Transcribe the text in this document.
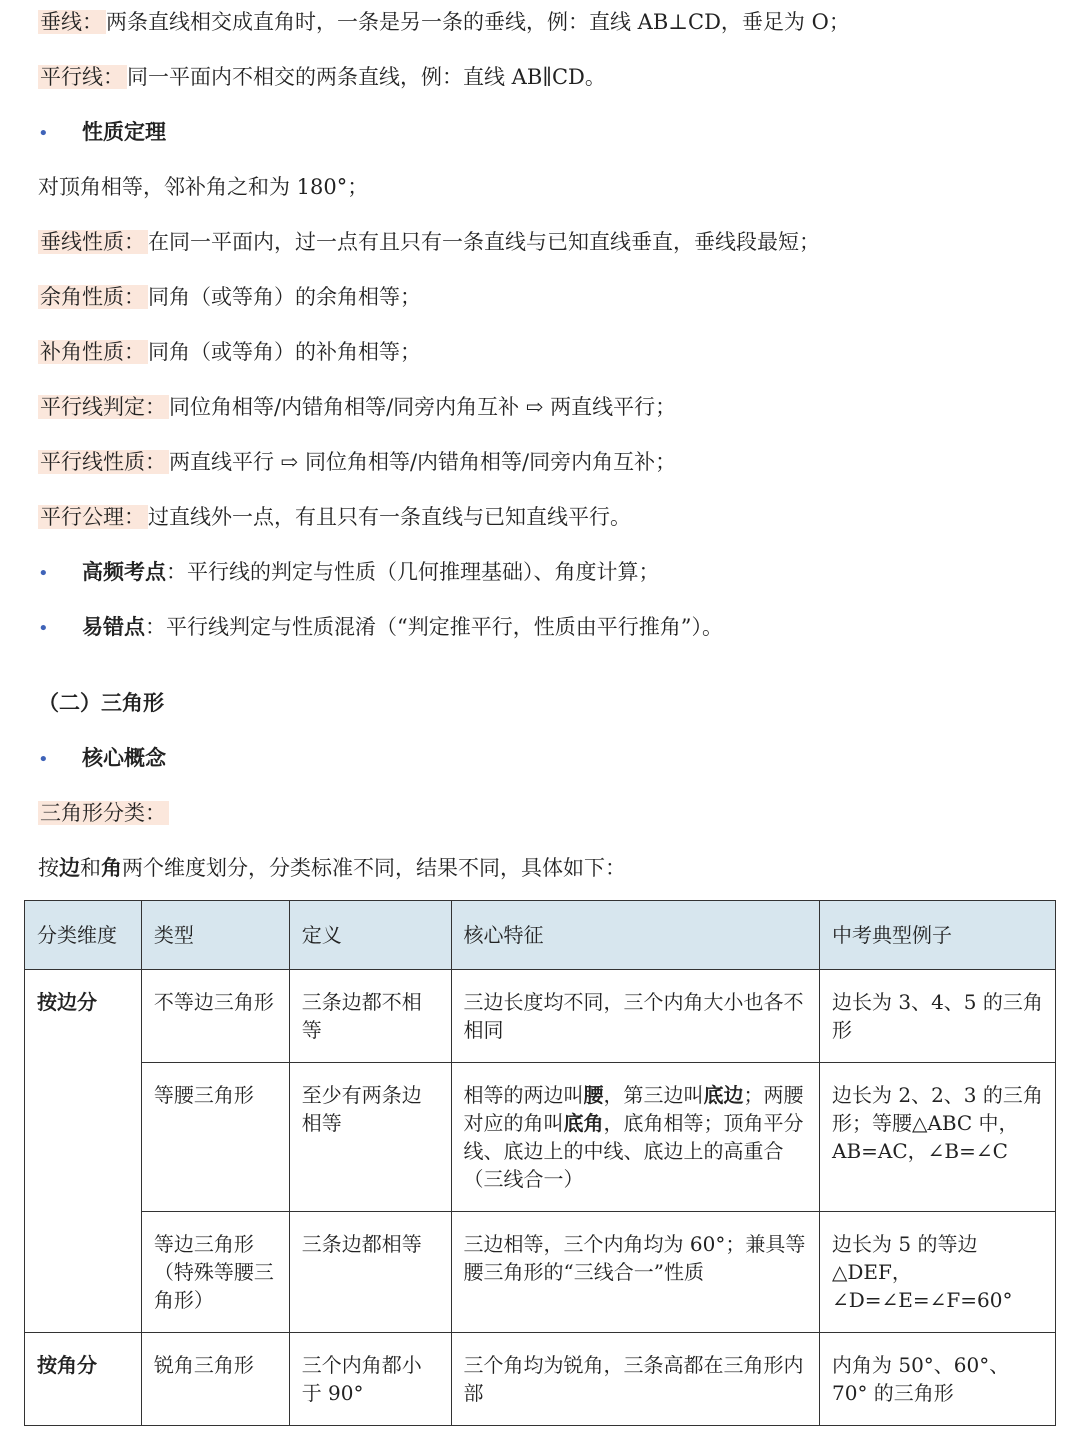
垂线： 两条直线相交成直角时，一条是另一条的垂线，例：直线 AB⊥CD，垂足为 O；
平行线： 同一平面内不相交的两条直线，例：直线 AB∥CD。
• 性质定理
对顶角相等，邻补角之和为 180°；
垂线性质： 在同一平面内，过一点有且只有一条直线与已知直线垂直，垂线段最短；
余角性质： 同角（或等角）的余角相等；
补角性质： 同角（或等角）的补角相等；
平行线判定： 同位角相等/内错角相等/同旁内角互补 ⇨ 两直线平行；
平行线性质： 两直线平行 ⇨ 同位角相等/内错角相等/同旁内角互补；
平行公理： 过直线外一点，有且只有一条直线与已知直线平行。
• 高频考点：平行线的判定与性质（几何推理基础）、角度计算；
• 易错点：平行线判定与性质混淆（“判定推平行，性质由平行推角”）。
（二）三角形
• 核心概念
三角形分类：
按边和角两个维度划分，分类标准不同，结果不同，具体如下：
分类维度	类型	定义	核心特征	中考典型例子
按边分	不等边三角形	三条边都不相等	三边长度均不同，三个内角大小也各不相同	边长为 3、4、5 的三角形
	等腰三角形	至少有两条边相等	相等的两边叫腰，第三边叫底边；两腰对应的角叫底角，底角相等；顶角平分线、底边上的中线、底边上的高重合（三线合一）	边长为 2、2、3 的三角形；等腰△ABC 中，AB=AC，∠B=∠C
	等边三角形（特殊等腰三角形）	三条边都相等	三边相等，三个内角均为 60°；兼具等腰三角形的“三线合一”性质	边长为 5 的等边△DEF，∠D=∠E=∠F=60°
按角分	锐角三角形	三个内角都小于 90°	三个角均为锐角，三条高都在三角形内部	内角为 50°、60°、70° 的三角形
